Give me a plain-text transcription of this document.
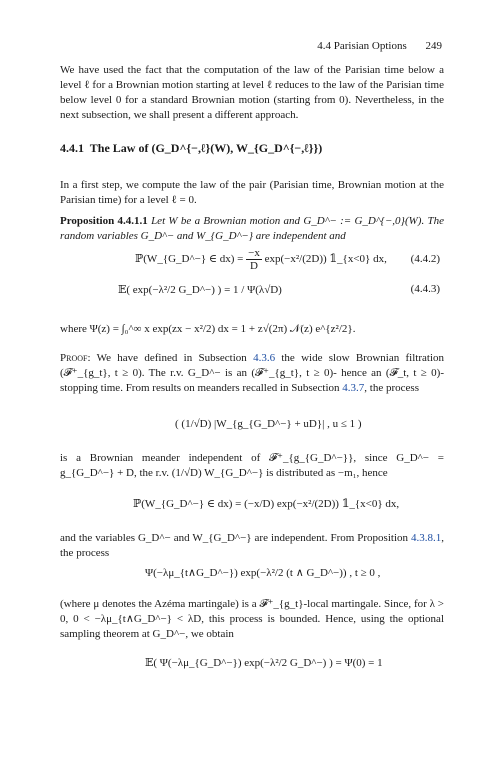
4.4 Parisian Options 249
We have used the fact that the computation of the law of the Parisian time below a level ℓ for a Brownian motion starting at level ℓ reduces to the law of the Parisian time below level 0 for a standard Brownian motion (starting from 0). Nevertheless, in the next subsection, we shall present a different approach.
4.4.1 The Law of (G_D^{−,ℓ}(W), W_{G_D^{−,ℓ}})
In a first step, we compute the law of the pair (Parisian time, Brownian motion at the Parisian time) for a level ℓ = 0.
Proposition 4.4.1.1 Let W be a Brownian motion and G_D^− := G_D^{−,0}(W). The random variables G_D^− and W_{G_D^−} are independent and
ℙ(W_{G_D^−} ∈ $dx) = \frac{-x}{D} \exp(-x^2/(2D))$ 𝟙_{x<0} dx, (4.4.2)
𝔼( exp(−λ²/2 G_D^−) ) = 1 / Ψ(λ√D)	(4.4.3)
where Ψ(z) = ∫₀^∞ x exp(zx − x²/2) dx = 1 + z√(2π) 𝒩(z) e^{z²/2}.
Proof: We have defined in Subsection 4.3.6 the wide slow Brownian filtration (𝓕⁺_{g_t}, t ≥ 0). The r.v. G_D^− is an (𝓕⁺_{g_t}, t ≥ 0)- hence an (𝓕_t, t ≥ 0)- stopping time. From results on meanders recalled in Subsection 4.3.7, the process
( (1/√D) |W_{g_{G_D^−} + uD}| , u ≤ 1 )
is a Brownian meander independent of 𝓕⁺_{g_{G_D^−}}, since G_D^− = g_{G_D^−} + D, the r.v. (1/√D) W_{G_D^−} is distributed as −m₁, hence
ℙ(W_{G_D^−} ∈ dx) = (−x/D) exp(−x²/(2D)) 𝟙_{x<0} dx,
and the variables G_D^− and W_{G_D^−} are independent. From Proposition 4.3.8.1, the process
Ψ(−λμ_{t∧G_D^−}) exp(−λ²/2 (t ∧ G_D^−)) , t ≥ 0 ,
(where μ denotes the Azéma martingale) is a 𝓕⁺_{g_t}-local martingale. Since, for λ > 0, 0 < −λμ_{t∧G_D^−} < λD, this process is bounded. Hence, using the optional sampling theorem at G_D^−, we obtain
𝔼( Ψ(−λμ_{G_D^−}) exp(−λ²/2 G_D^−) ) = Ψ(0) = 1
